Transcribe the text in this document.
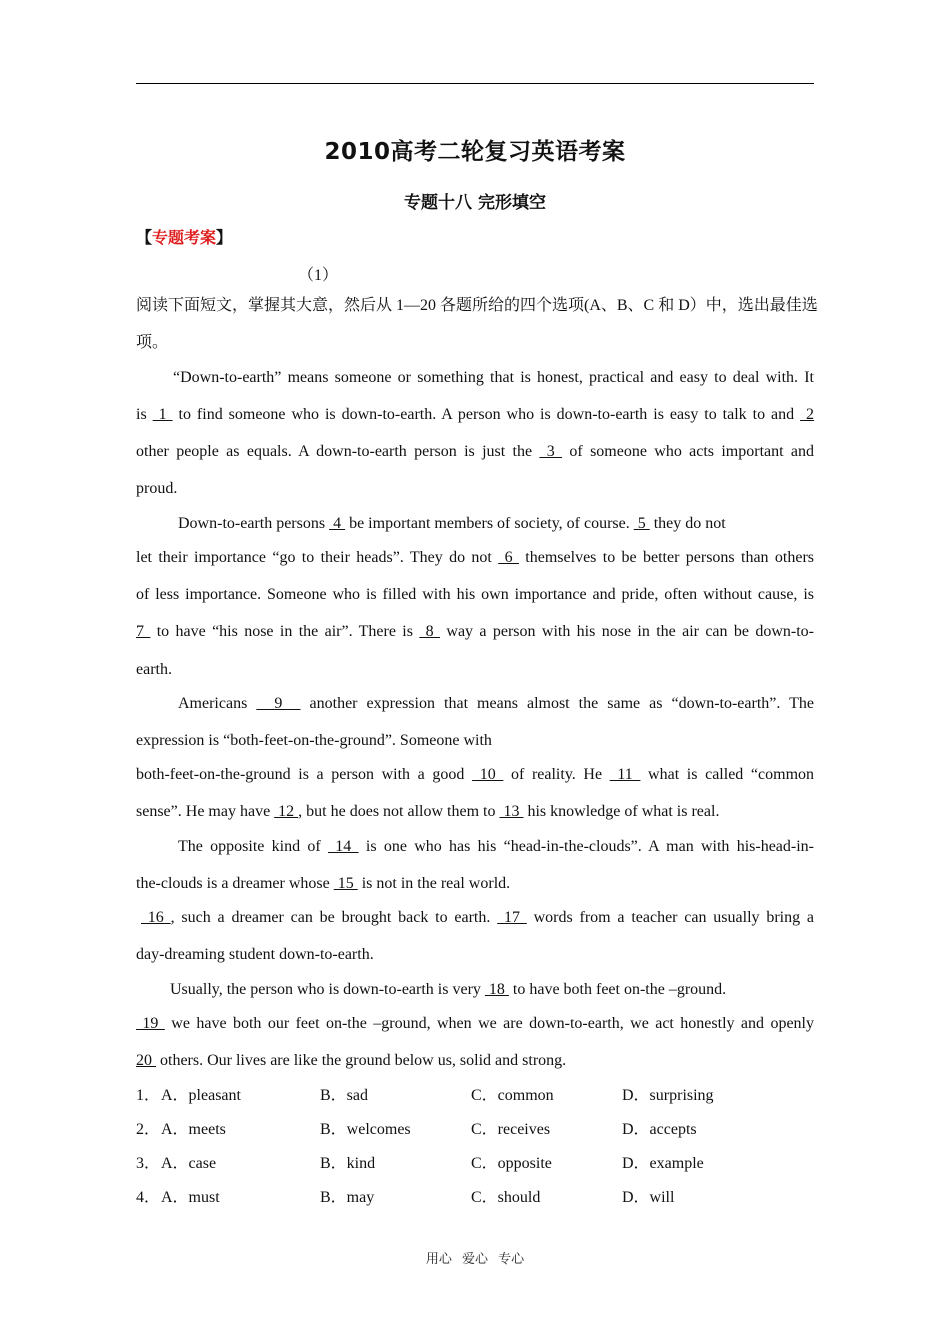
2010高考二轮复习英语考案
专题十八 完形填空
【专题考案】
（1）
阅读下面短文，掌握其大意，然后从 1—20 各题所给的四个选项(A、B、C 和 D）中，选出最佳选
项。
“Down-to-earth” means someone or something that is honest, practical and easy to deal with. It
is  1  to find someone who is down-to-earth. A person who is down-to-earth is easy to talk to and  2
other people as equals. A down-to-earth person is just the  3  of someone who acts important and
proud.
Down-to-earth persons  4  be important members of society, of course.  5  they do not
let their importance “go to their heads”. They do not  6  themselves to be better persons than others
of less importance. Someone who is filled with his own importance and pride, often without cause, is
7  to have “his nose in the air”. There is  8  way a person with his nose in the air can be down-to-
earth.
Americans   9   another expression that means almost the same as “down-to-earth”. The
expression is “both-feet-on-the-ground”. Someone with
both-feet-on-the-ground is a person with a good  10  of reality. He  11  what is called “common
sense”. He may have  12 , but he does not allow them to  13  his knowledge of what is real.
The opposite kind of  14  is one who has his “head-in-the-clouds”. A man with his-head-in-
the-clouds is a dreamer whose  15  is not in the real world.
16 , such a dreamer can be brought back to earth.  17  words from a teacher can usually bring a
day-dreaming student down-to-earth.
Usually, the person who is down-to-earth is very  18  to have both feet on-the –ground.
19  we have both our feet on-the –ground, when we are down-to-earth, we act honestly and openly
20  others. Our lives are like the ground below us, solid and strong.
1． A．pleasant	B．sad	C．common	D．surprising
2． A．meets	B．welcomes	C．receives	D．accepts
3． A．case	B．kind	C．opposite	D．example
4． A．must	B．may	C．should	D．will
用心 爱心 专心
